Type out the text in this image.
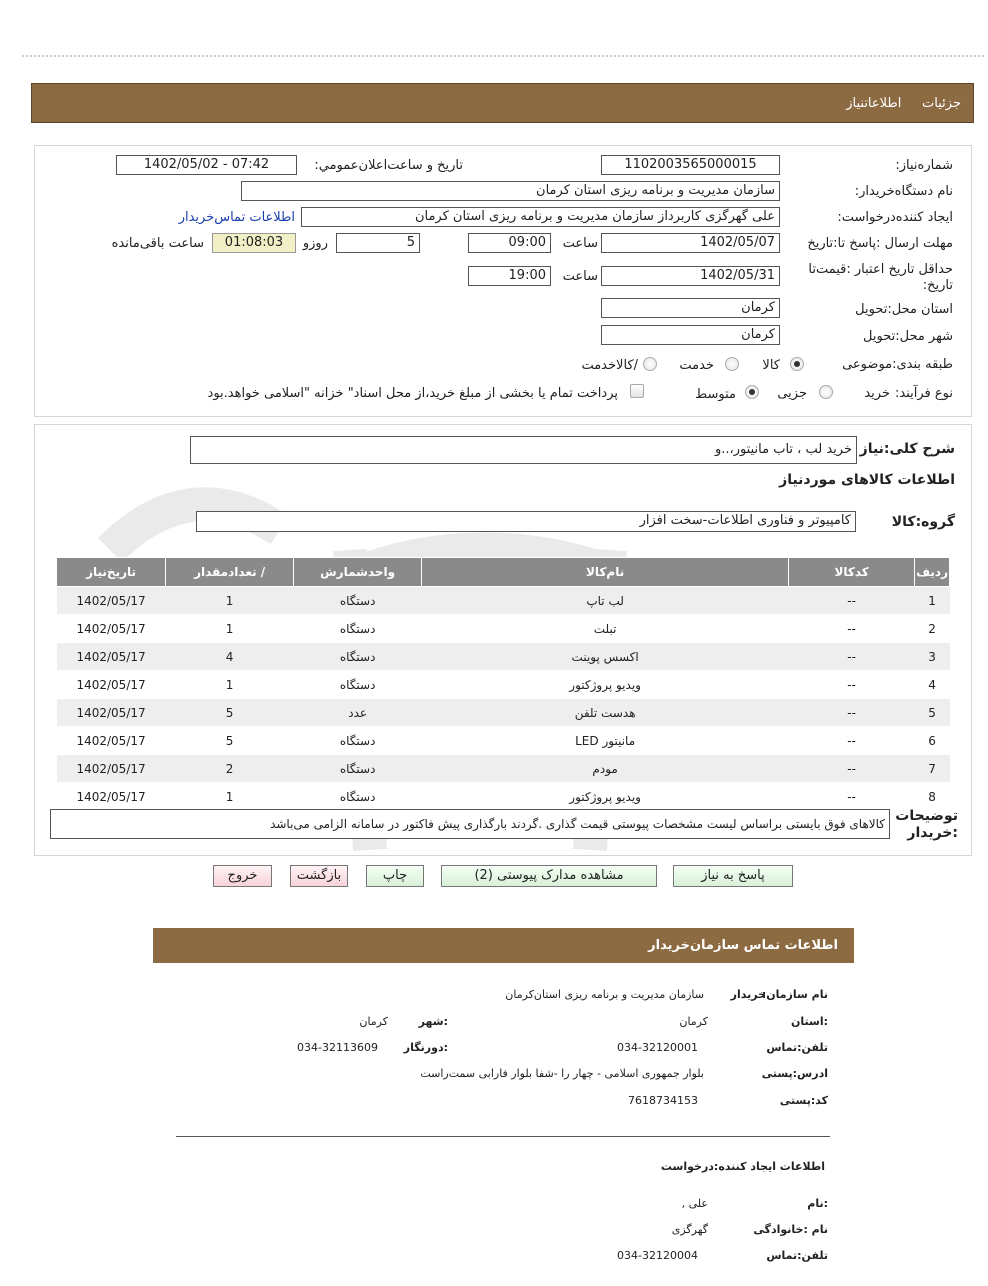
جزئیات     اطلاعاتنیاز
شماره‌نیاز:
1102003565000015
تاریخ و ساعت‌اعلان‌عمومي:
1402/05/02 - 07:42
نام دستگاه‌خریدار:
سازمان مدیریت و برنامه ریزی استان کرمان
ایجاد کننده‌درخواست:
علی گهرگزی کاربرداز سازمان مدیریت و برنامه ریزی استان کرمان
اطلاعات تماس‌خریدار
مهلت ارسال :پاسخ تا:تاریخ
1402/05/07
ساعت
09:00
5
روزو
01:08:03
ساعت باقی‌مانده
حداقل تاریخ اعتبار :قیمت‌تا تاریخ:
1402/05/31
ساعت
19:00
استان محل:تحویل
کرمان
شهر محل:تحویل
کرمان
طبقه بندی:موضوعی
کالا
خدمت
/کالاخدمت
نوع فرآیند:
خرید
جزیی
متوسط
پرداخت تمام یا بخشی از مبلغ خرید،از محل اسناد" خزانه "اسلامی خواهد.بود
شرح کلی:نیاز
خرید لب ، تاب مانیتور،..و
اطلاعات کالاهای موردنیاز
گروه:کالا
کامپیوتر و فناوری اطلاعات-سخت افزار
ردیف	کدکالا	نام‌کالا	واحدشمارش	/ تعدادمقدار	تاریخ‌نیاز
1	--	لب تاپ	دستگاه	1	1402/05/17
2	--	تبلت	دستگاه	1	1402/05/17
3	--	اکسس پوینت	دستگاه	4	1402/05/17
4	--	ویدیو پروژکتور	دستگاه	1	1402/05/17
5	--	هدست تلفن	عدد	5	1402/05/17
6	--	مانیتور LED	دستگاه	5	1402/05/17
7	--	مودم	دستگاه	2	1402/05/17
8	--	ویدیو پروژکتور	دستگاه	1	1402/05/17
توضیحات :خریدار
کالاهای فوق بایستی براساس لیست مشخصات پیوستی قیمت گذاری .گردند بارگذاری پیش فاکتور در سامانه الزامی می‌باشد
پاسخ به نیاز
مشاهده مدارک پیوستی (2)
چاپ
بازگشت
خروج
اطلاعات تماس سازمان‌خریدار
نام سازمان:
خریدار
سازمان مدیریت و برنامه ریزی استان‌کرمان
:استان
کرمان
:شهر
کرمان
تلفن:تماس
034-32120001
:دورنگار
034-32113609
ادرس:پستی
بلوار جمهوری اسلامی - چهار را -شفا بلوار فارابی سمت‌راست
کد:پستی
7618734153
اطلاعات ایجاد کننده:درخواست
:نام
علی ,
نام :خانوادگی
گهرگزی
تلفن:تماس
034-32120004
